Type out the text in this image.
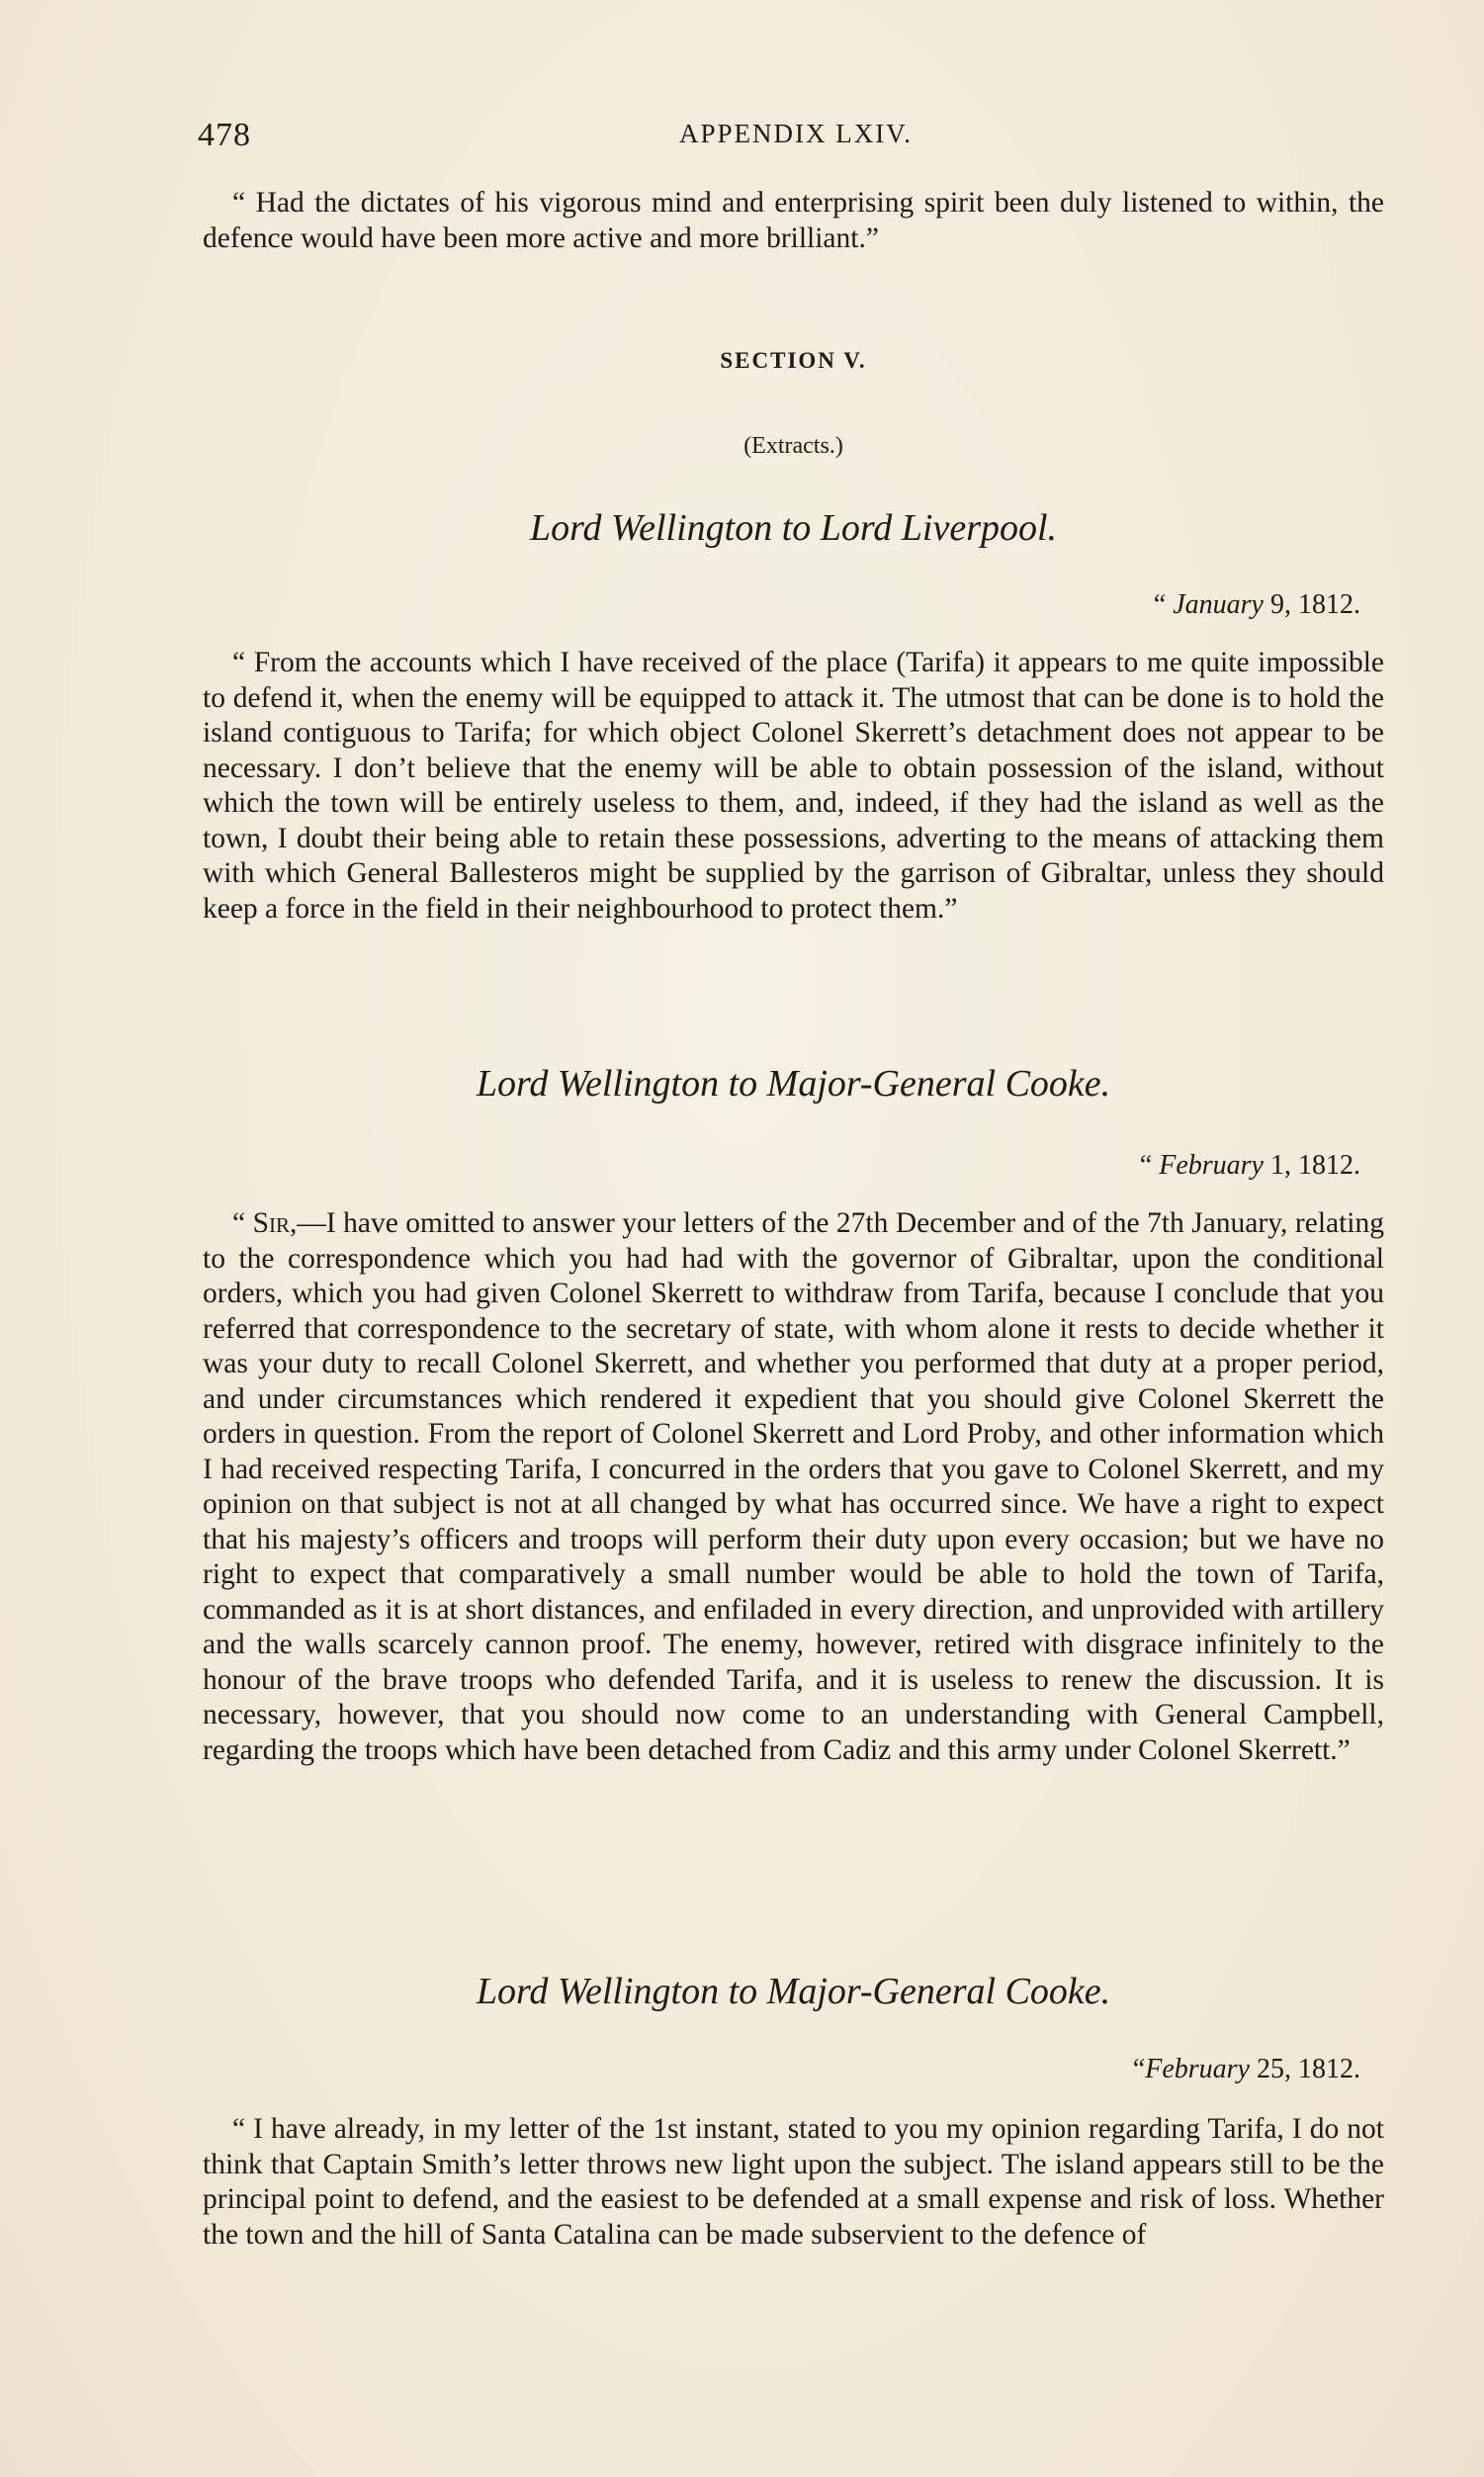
478	APPENDIX LXIV.

“ Had the dictates of his vigorous mind and enterprising spirit been duly listened to within, the defence would have been more active and more brilliant.”

SECTION V.
(Extracts.)
Lord Wellington to Lord Liverpool.
“ January 9, 1812.

“ From the accounts which I have received of the place (Tarifa) it appears to me quite impossible to defend it, when the enemy will be equipped to attack it. The utmost that can be done is to hold the island contiguous to Tarifa; for which object Colonel Skerrett’s detachment does not appear to be necessary. I don’t believe that the enemy will be able to obtain possession of the island, without which the town will be entirely useless to them, and, indeed, if they had the island as well as the town, I doubt their being able to retain these possessions, adverting to the means of attacking them with which General Ballesteros might be supplied by the garrison of Gibraltar, unless they should keep a force in the field in their neighbourhood to protect them.”

Lord Wellington to Major-General Cooke.
“ February 1, 1812.

“ Sir,—I have omitted to answer your letters of the 27th December and of the 7th January, relating to the correspondence which you had had with the governor of Gibraltar, upon the conditional orders, which you had given Colonel Skerrett to withdraw from Tarifa, because I conclude that you referred that correspondence to the secretary of state, with whom alone it rests to decide whether it was your duty to recall Colonel Skerrett, and whether you performed that duty at a proper period, and under circumstances which rendered it expedient that you should give Colonel Skerrett the orders in question. From the report of Colonel Skerrett and Lord Proby, and other information which I had received respecting Tarifa, I concurred in the orders that you gave to Colonel Skerrett, and my opinion on that subject is not at all changed by what has occurred since. We have a right to expect that his majesty’s officers and troops will perform their duty upon every occasion; but we have no right to expect that comparatively a small number would be able to hold the town of Tarifa, commanded as it is at short distances, and enfiladed in every direction, and unprovided with artillery and the walls scarcely cannon proof. The enemy, however, retired with disgrace infinitely to the honour of the brave troops who defended Tarifa, and it is useless to renew the discussion. It is necessary, however, that you should now come to an understanding with General Campbell, regarding the troops which have been detached from Cadiz and this army under Colonel Skerrett.”

Lord Wellington to Major-General Cooke.
“February 25, 1812.

“ I have already, in my letter of the 1st instant, stated to you my opinion regarding Tarifa, I do not think that Captain Smith’s letter throws new light upon the subject. The island appears still to be the principal point to defend, and the easiest to be defended at a small expense and risk of loss. Whether the town and the hill of Santa Catalina can be made subservient to the defence of
